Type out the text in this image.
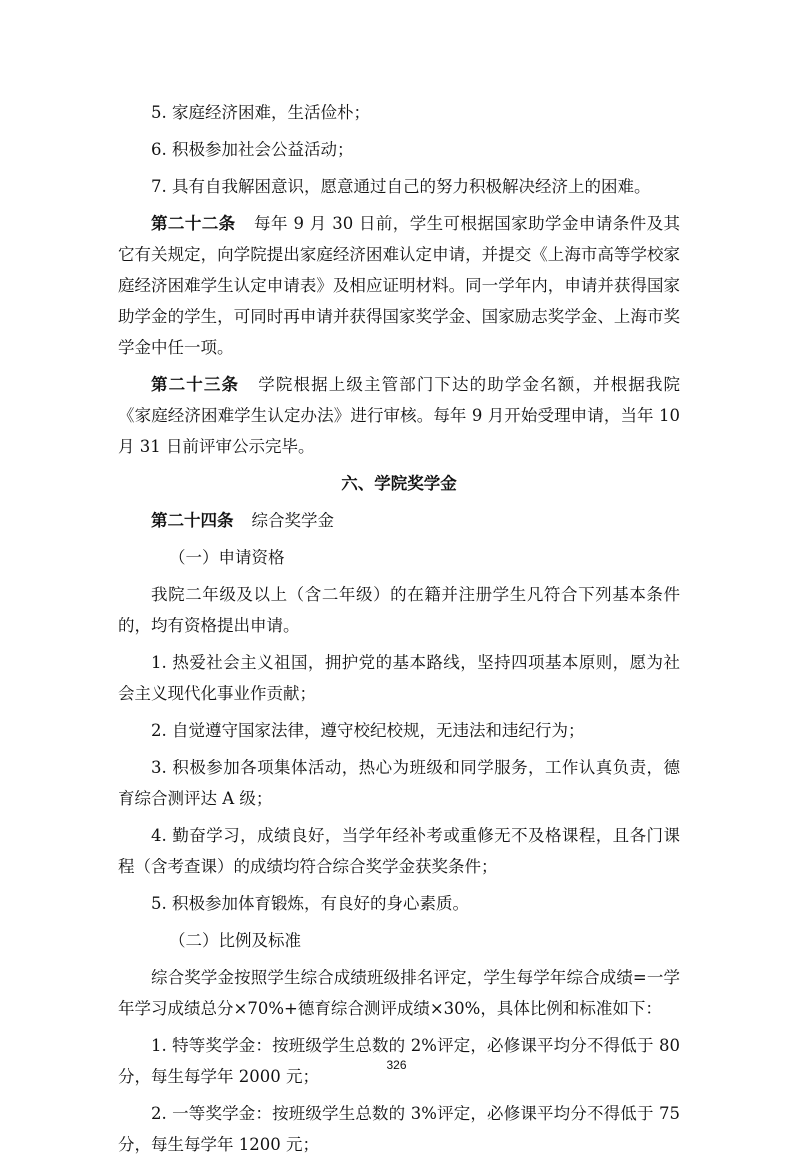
5. 家庭经济困难，生活俭朴；

6. 积极参加社会公益活动；

7. 具有自我解困意识，愿意通过自己的努力积极解决经济上的困难。

第二十二条 每年 9 月 30 日前，学生可根据国家助学金申请条件及其它有关规定，向学院提出家庭经济困难认定申请，并提交《上海市高等学校家庭经济困难学生认定申请表》及相应证明材料。同一学年内，申请并获得国家助学金的学生，可同时再申请并获得国家奖学金、国家励志奖学金、上海市奖学金中任一项。

第二十三条 学院根据上级主管部门下达的助学金名额，并根据我院《家庭经济困难学生认定办法》进行审核。每年 9 月开始受理申请，当年 10 月 31 日前评审公示完毕。

六、学院奖学金

第二十四条 综合奖学金

（一）申请资格

我院二年级及以上（含二年级）的在籍并注册学生凡符合下列基本条件的，均有资格提出申请。

1. 热爱社会主义祖国，拥护党的基本路线，坚持四项基本原则，愿为社会主义现代化事业作贡献；

2. 自觉遵守国家法律，遵守校纪校规，无违法和违纪行为；

3. 积极参加各项集体活动，热心为班级和同学服务，工作认真负责，德育综合测评达 A 级；

4. 勤奋学习，成绩良好，当学年经补考或重修无不及格课程，且各门课程（含考查课）的成绩均符合综合奖学金获奖条件；

5. 积极参加体育锻炼，有良好的身心素质。

（二）比例及标准

综合奖学金按照学生综合成绩班级排名评定，学生每学年综合成绩=一学年学习成绩总分×70%+德育综合测评成绩×30%，具体比例和标准如下：

1. 特等奖学金：按班级学生总数的 2%评定，必修课平均分不得低于 80 分，每生每学年 2000 元；

2. 一等奖学金：按班级学生总数的 3%评定，必修课平均分不得低于 75 分，每生每学年 1200 元；

326
